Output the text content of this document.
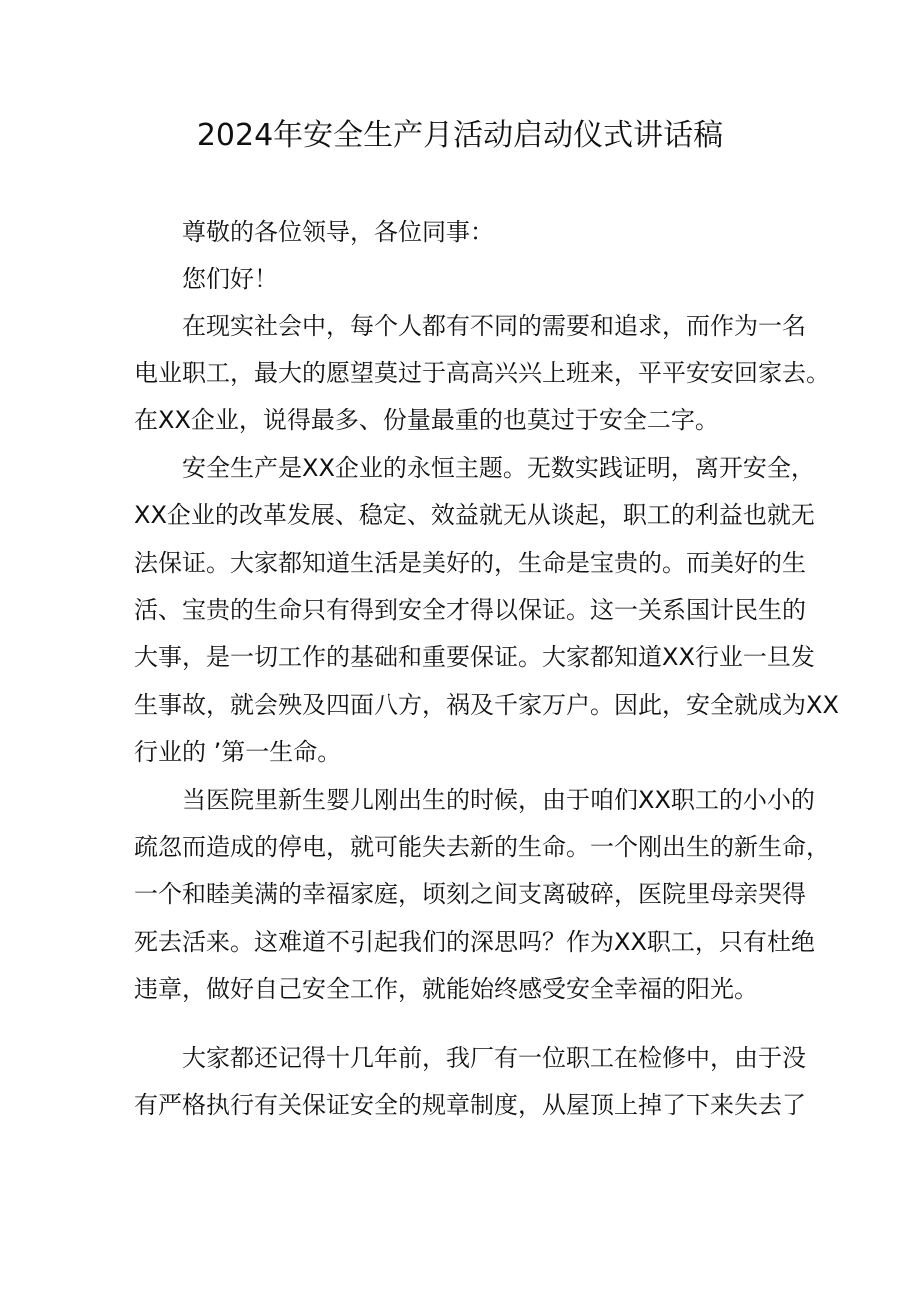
2024年安全生产月活动启动仪式讲话稿
尊敬的各位领导，各位同事：
您们好！
在现实社会中，每个人都有不同的需要和追求，而作为一名
电业职工，最大的愿望莫过于高高兴兴上班来，平平安安回家去。
在XX企业，说得最多、份量最重的也莫过于安全二字。
安全生产是XX企业的永恒主题。无数实践证明，离开安全，
XX企业的改革发展、稳定、效益就无从谈起，职工的利益也就无
法保证。大家都知道生活是美好的，生命是宝贵的。而美好的生
活、宝贵的生命只有得到安全才得以保证。这一关系国计民生的
大事，是一切工作的基础和重要保证。大家都知道XX行业一旦发
生事故，就会殃及四面八方，祸及千家万户。因此，安全就成为XX
行业的 ’第一生命。
当医院里新生婴儿刚出生的时候，由于咱们XX职工的小小的
疏忽而造成的停电，就可能失去新的生命。一个刚出生的新生命，
一个和睦美满的幸福家庭，顷刻之间支离破碎，医院里母亲哭得
死去活来。这难道不引起我们的深思吗？作为XX职工，只有杜绝
违章，做好自己安全工作，就能始终感受安全幸福的阳光。
大家都还记得十几年前，我厂有一位职工在检修中，由于没
有严格执行有关保证安全的规章制度，从屋顶上掉了下来失去了
